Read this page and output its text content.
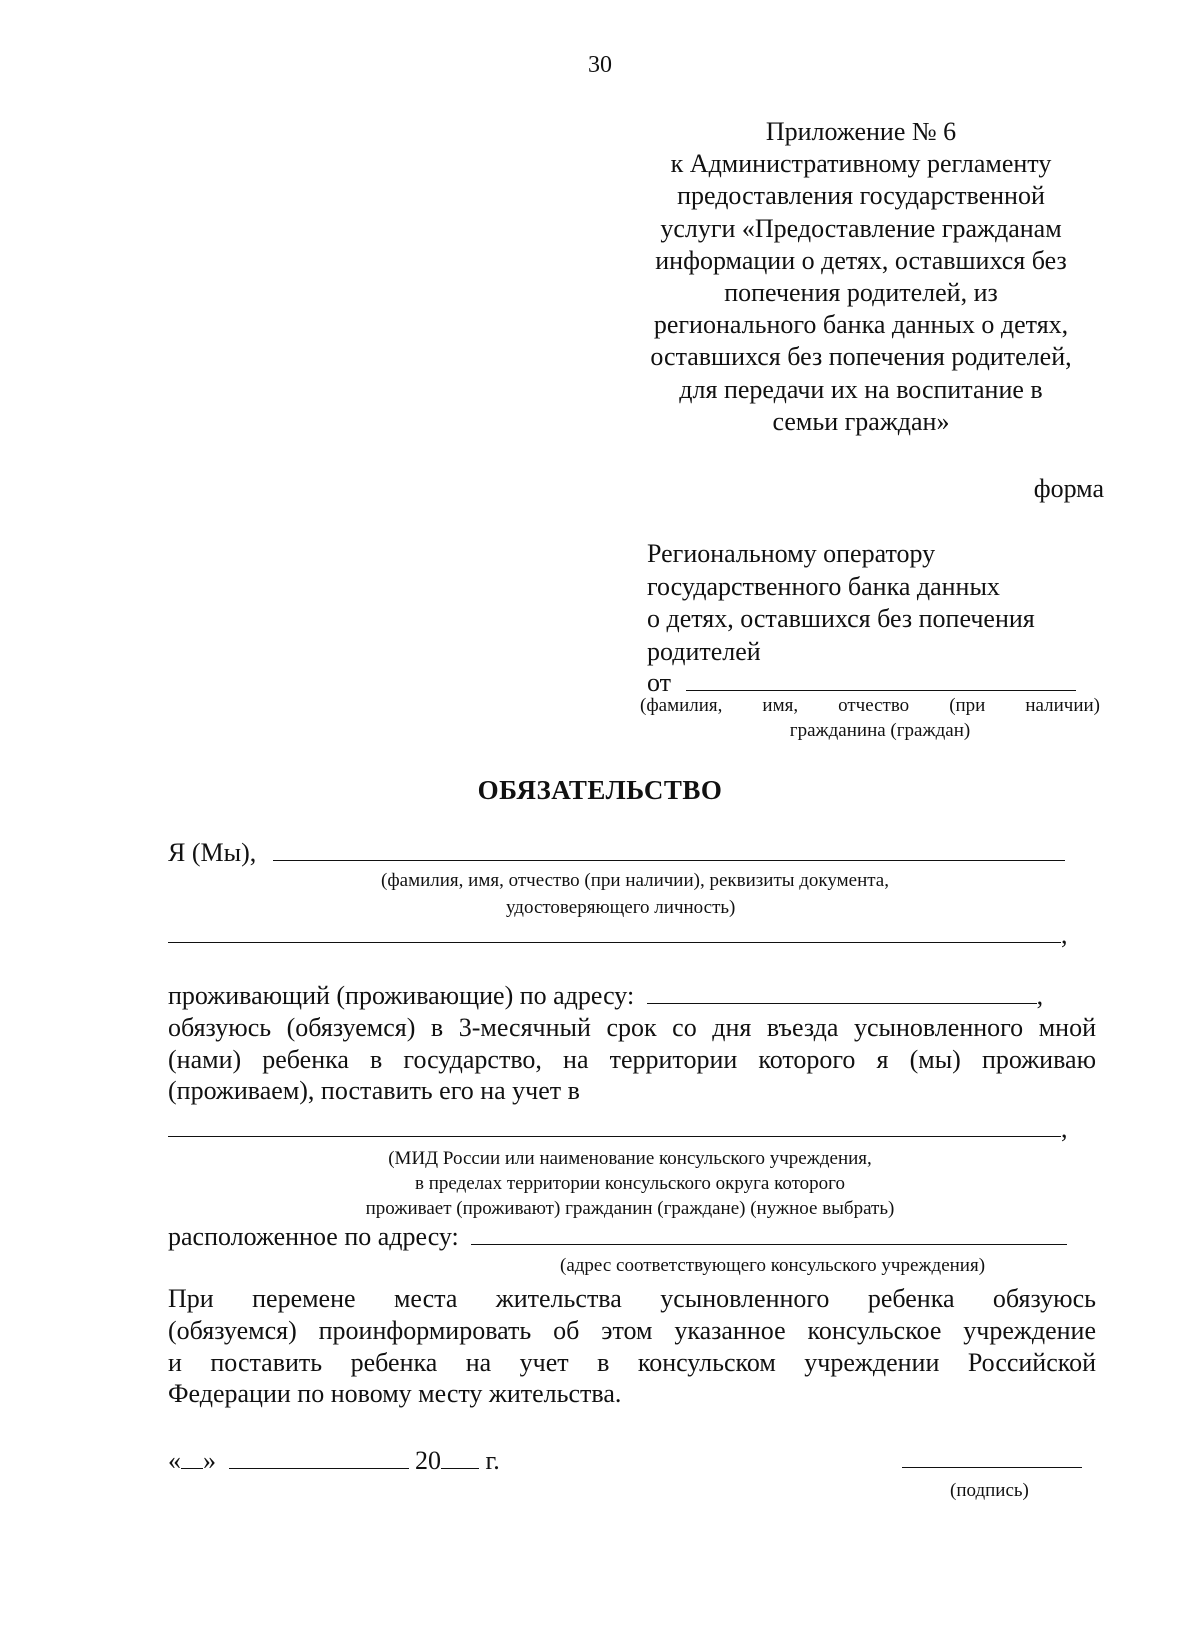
30
Приложение № 6
к Административному регламенту
предоставления государственной
услуги «Предоставление гражданам
информации о детях, оставшихся без
попечения родителей, из
регионального банка данных о детях,
оставшихся без попечения родителей,
для передачи их на воспитание в
семьи граждан»
форма
Региональному оператору
государственного банка данных
о детях, оставшихся без попечения
родителей
от
(фамилия, имя, отчество (при наличии)
гражданина (граждан)
ОБЯЗАТЕЛЬСТВО
Я (Мы),
(фамилия, имя, отчество (при наличии), реквизиты документа,
удостоверяющего личность)
,
проживающий (проживающие) по адресу:	,
обязуюсь (обязуемся) в 3-месячный срок со дня въезда усыновленного мной
(нами) ребенка в государство, на территории которого я (мы) проживаю
(проживаем), поставить его на учет в
,
(МИД России или наименование консульского учреждения,
в пределах территории консульского округа которого
проживает (проживают) гражданин (граждане) (нужное выбрать)
расположенное по адресу:
(адрес соответствующего консульского учреждения)
При перемене места жительства усыновленного ребенка обязуюсь
(обязуемся) проинформировать об этом указанное консульское учреждение
и поставить ребенка на учет в консульском учреждении Российской
Федерации по новому месту жительства.
« »	20 г.
(подпись)
